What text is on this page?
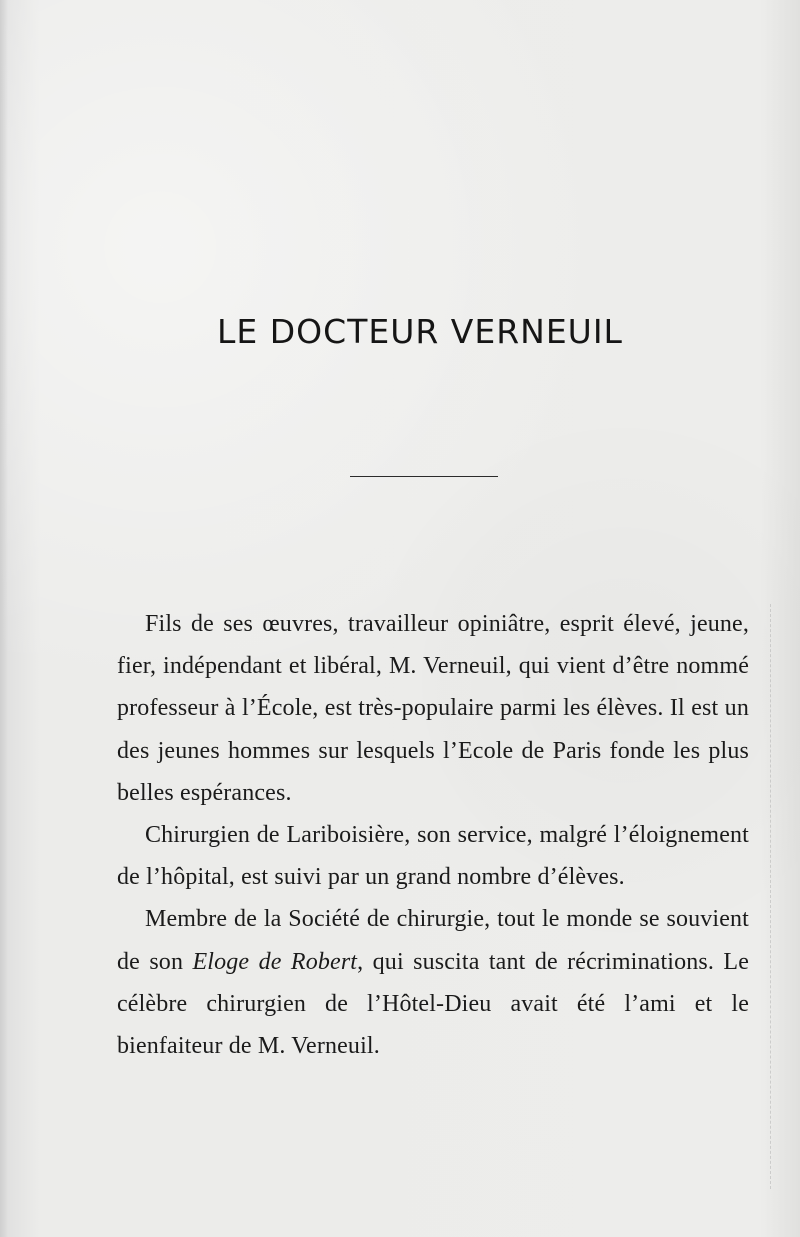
LE DOCTEUR VERNEUIL

Fils de ses œuvres, travailleur opiniâtre, esprit élevé, jeune, fier, indépendant et libéral, M. Verneuil, qui vient d’être nommé professeur à l’École, est très-populaire parmi les élèves. Il est un des jeunes hommes sur lesquels l’Ecole de Paris fonde les plus belles espérances.

Chirurgien de Lariboisière, son service, malgré l’éloignement de l’hôpital, est suivi par un grand nombre d’élèves.

Membre de la Société de chirurgie, tout le monde se souvient de son Eloge de Robert, qui suscita tant de récriminations. Le célèbre chirurgien de l’Hôtel-Dieu avait été l’ami et le bienfaiteur de M. Verneuil.
